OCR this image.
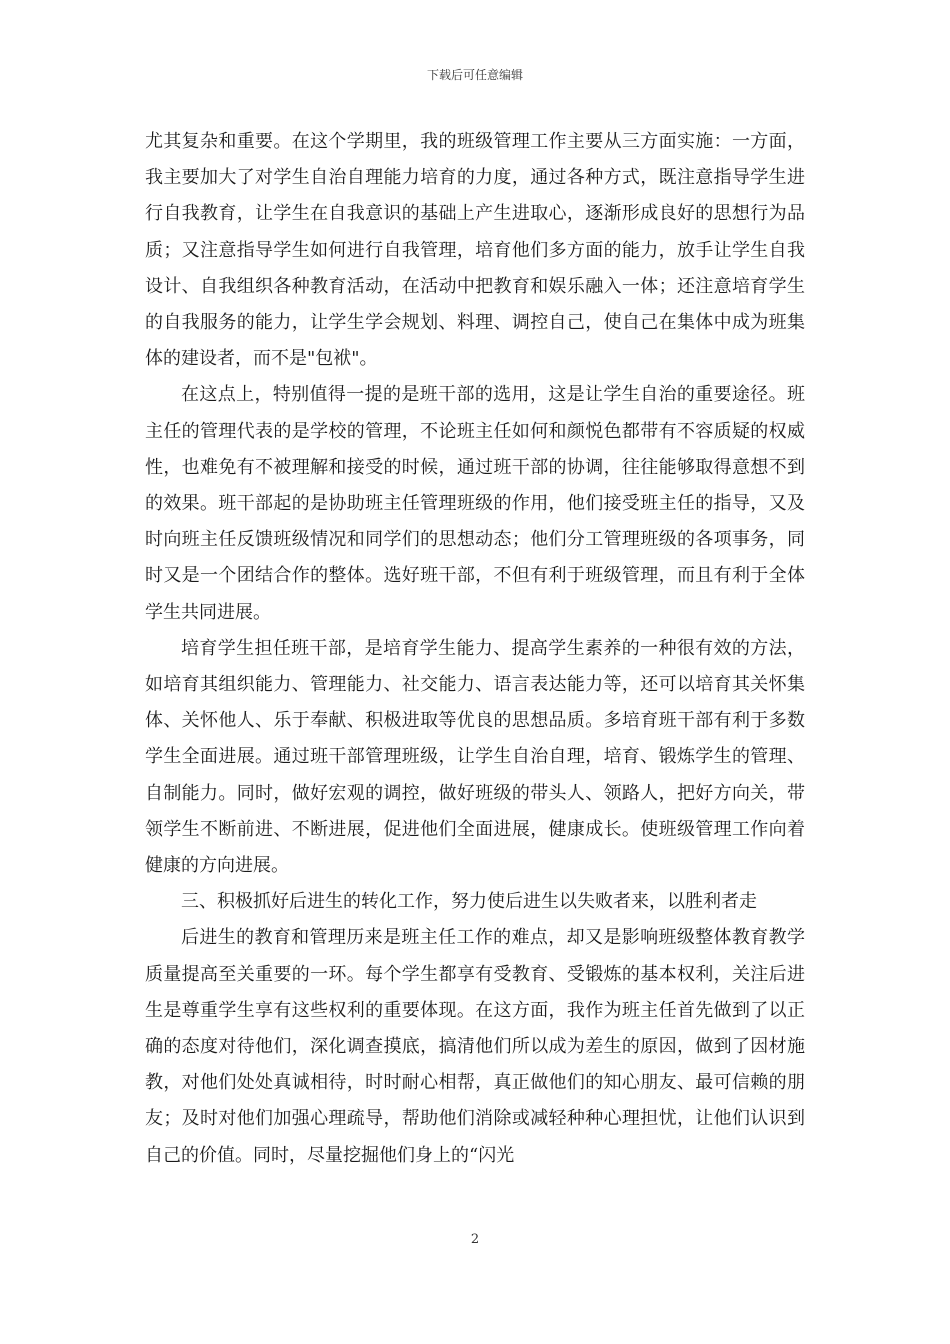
下载后可任意编辑

尤其复杂和重要。在这个学期里，我的班级管理工作主要从三方面实施：一方面，我主要加大了对学生自治自理能力培育的力度，通过各种方式，既注意指导学生进行自我教育，让学生在自我意识的基础上产生进取心，逐渐形成良好的思想行为品质；又注意指导学生如何进行自我管理，培育他们多方面的能力，放手让学生自我设计、自我组织各种教育活动，在活动中把教育和娱乐融入一体；还注意培育学生的自我服务的能力，让学生学会规划、料理、调控自己，使自己在集体中成为班集体的建设者，而不是"包袱"。

在这点上，特别值得一提的是班干部的选用，这是让学生自治的重要途径。班主任的管理代表的是学校的管理，不论班主任如何和颜悦色都带有不容质疑的权威性，也难免有不被理解和接受的时候，通过班干部的协调，往往能够取得意想不到的效果。班干部起的是协助班主任管理班级的作用，他们接受班主任的指导，又及时向班主任反馈班级情况和同学们的思想动态；他们分工管理班级的各项事务，同时又是一个团结合作的整体。选好班干部，不但有利于班级管理，而且有利于全体学生共同进展。

培育学生担任班干部，是培育学生能力、提高学生素养的一种很有效的方法，如培育其组织能力、管理能力、社交能力、语言表达能力等，还可以培育其关怀集体、关怀他人、乐于奉献、积极进取等优良的思想品质。多培育班干部有利于多数学生全面进展。通过班干部管理班级，让学生自治自理，培育、锻炼学生的管理、自制能力。同时，做好宏观的调控，做好班级的带头人、领路人，把好方向关，带领学生不断前进、不断进展，促进他们全面进展，健康成长。使班级管理工作向着健康的方向进展。

三、积极抓好后进生的转化工作，努力使后进生以失败者来，以胜利者走

后进生的教育和管理历来是班主任工作的难点，却又是影响班级整体教育教学质量提高至关重要的一环。每个学生都享有受教育、受锻炼的基本权利，关注后进生是尊重学生享有这些权利的重要体现。在这方面，我作为班主任首先做到了以正确的态度对待他们，深化调查摸底，搞清他们所以成为差生的原因，做到了因材施教，对他们处处真诚相待，时时耐心相帮，真正做他们的知心朋友、最可信赖的朋友；及时对他们加强心理疏导，帮助他们消除或减轻种种心理担忧，让他们认识到自己的价值。同时，尽量挖掘他们身上的“闪光

2
